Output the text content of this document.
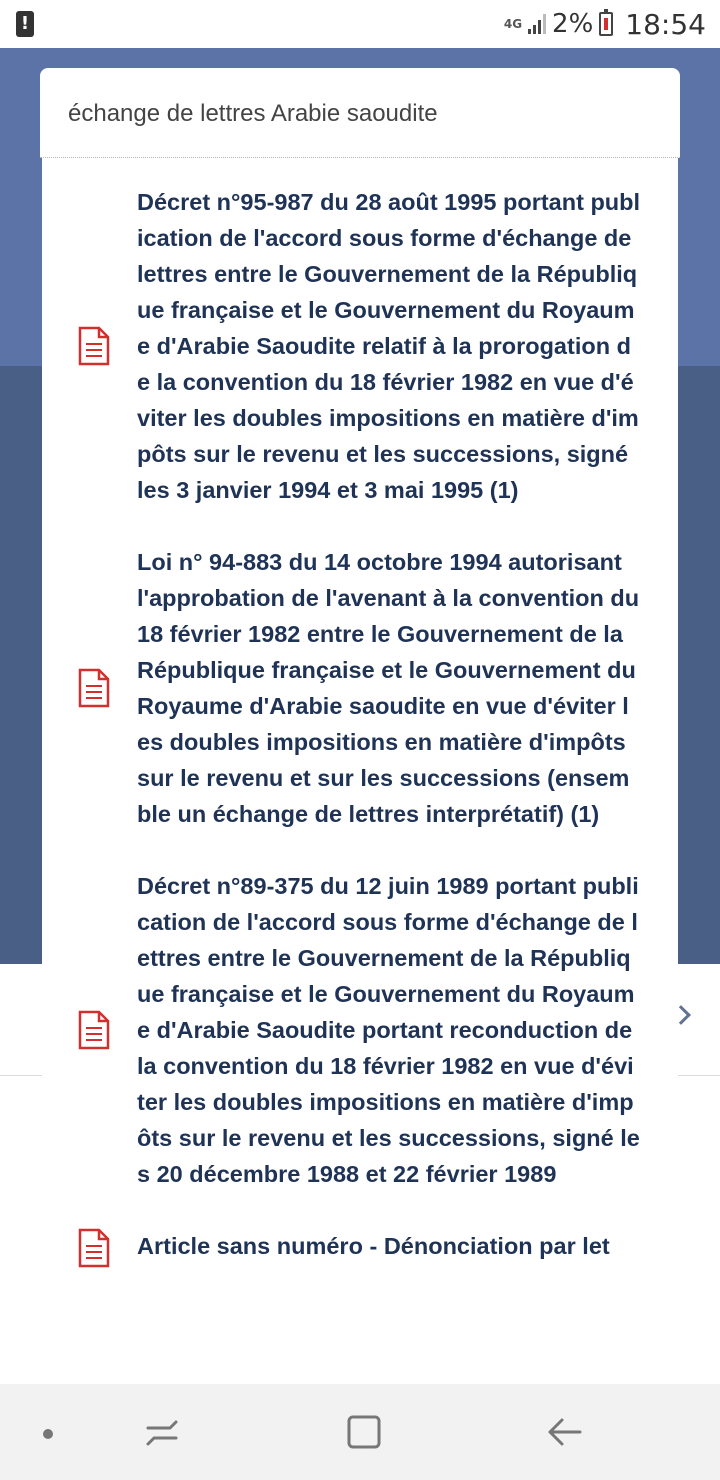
!	4G 2% 18:54
échange de lettres Arabie saoudite
Décret n°95-987 du 28 août 1995 portant publication de l'accord sous forme d'échange de lettres entre le Gouvernement de la République française et le Gouvernement du Royaume d'Arabie Saoudite relatif à la prorogation de la convention du 18 février 1982 en vue d'éviter les doubles impositions en matière d'impôts sur le revenu et les successions, signé les 3 janvier 1994 et 3 mai 1995 (1)
Loi n° 94-883 du 14 octobre 1994 autorisant l'approbation de l'avenant à la convention du 18 février 1982 entre le Gouvernement de la République française et le Gouvernement du Royaume d'Arabie saoudite en vue d'éviter les doubles impositions en matière d'impôts sur le revenu et sur les successions (ensemble un échange de lettres interprétatif) (1)
Décret n°89-375 du 12 juin 1989 portant publication de l'accord sous forme d'échange de lettres entre le Gouvernement de la République française et le Gouvernement du Royaume d'Arabie Saoudite portant reconduction de la convention du 18 février 1982 en vue d'éviter les doubles impositions en matière d'impôts sur le revenu et les successions, signé les 20 décembre 1988 et 22 février 1989
Article sans numéro - Dénonciation par let
